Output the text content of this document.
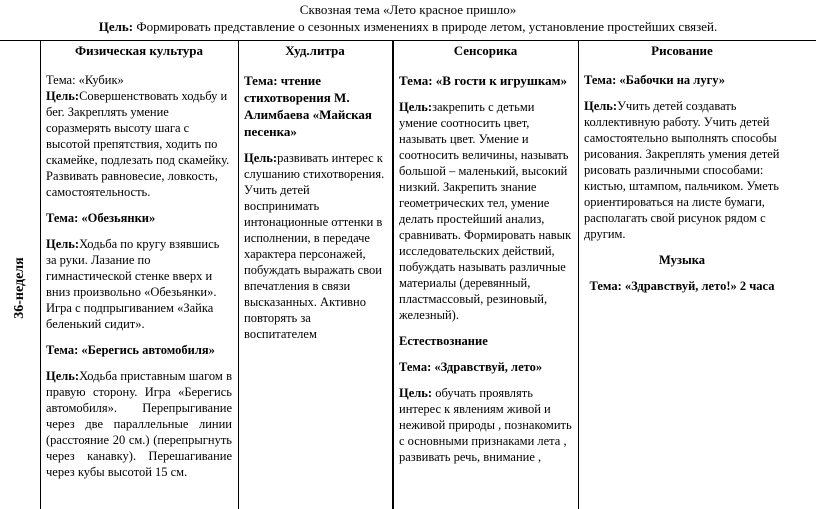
Сквозная тема «Лето красное пришло»
Цель: Формировать представление о сезонных изменениях в природе летом, установление простейших связей.
36-неделя
Физическая культура

Тема: «Кубик»

Цель:Совершенствовать ходьбу и бег. Закреплять умение соразмерять высоту шага с высотой препятствия, ходить по скамейке, подлезать под скамейку. Развивать равновесие, ловкость, самостоятельность.

Тема: «Обезьянки»

Цель:Ходьба по кругу взявшись за руки. Лазание по гимнастической стенке вверх и вниз произвольно «Обезьянки». Игра с подпрыгиванием «Зайка беленький сидит».

Тема: «Берегись автомобиля»

Цель:Ходьба приставным шагом в правую сторону. Игра «Берегись автомобиля». Перепрыгивание через две параллельные линии (расстояние 20 см.) (перепрыгнуть через канавку). Перешагивание через кубы высотой 15 см.

Худ.литра

Тема: чтение стихотворения М. Алимбаева «Майская песенка»

Цель:развивать интерес к слушанию стихотворения. Учить детей воспринимать интонационные оттенки в исполнении, в передаче характера персонажей, побуждать выражать свои впечатления в связи высказанных. Активно повторять за воспитателем

Сенсорика

Тема: «В гости к игрушкам»

Цель:закрепить с детьми умение соотносить цвет, называть цвет. Умение и соотносить величины, называть большой – маленький, высокий низкий. Закрепить знание геометрических тел, умение делать простейший анализ, сравнивать. Формировать навык исследовательских действий, побуждать называть различные материалы (деревянный, пластмассовый, резиновый, железный).

Естествознание

Тема: «Здравствуй, лето»

Цель: обучать проявлять интерес к явлениям живой и неживой природы , познакомить с основными признаками лета , развивать речь, внимание ,

Рисование

Тема: «Бабочки на лугу»

Цель:Учить детей создавать коллективную работу. Учить детей самостоятельно выполнять способы рисования. Закреплять умения детей рисовать различными способами: кистью, штампом, пальчиком. Уметь ориентироваться на листе бумаги, располагать свой рисунок рядом с другим.

Музыка

Тема: «Здравствуй, лето!» 2 часа
